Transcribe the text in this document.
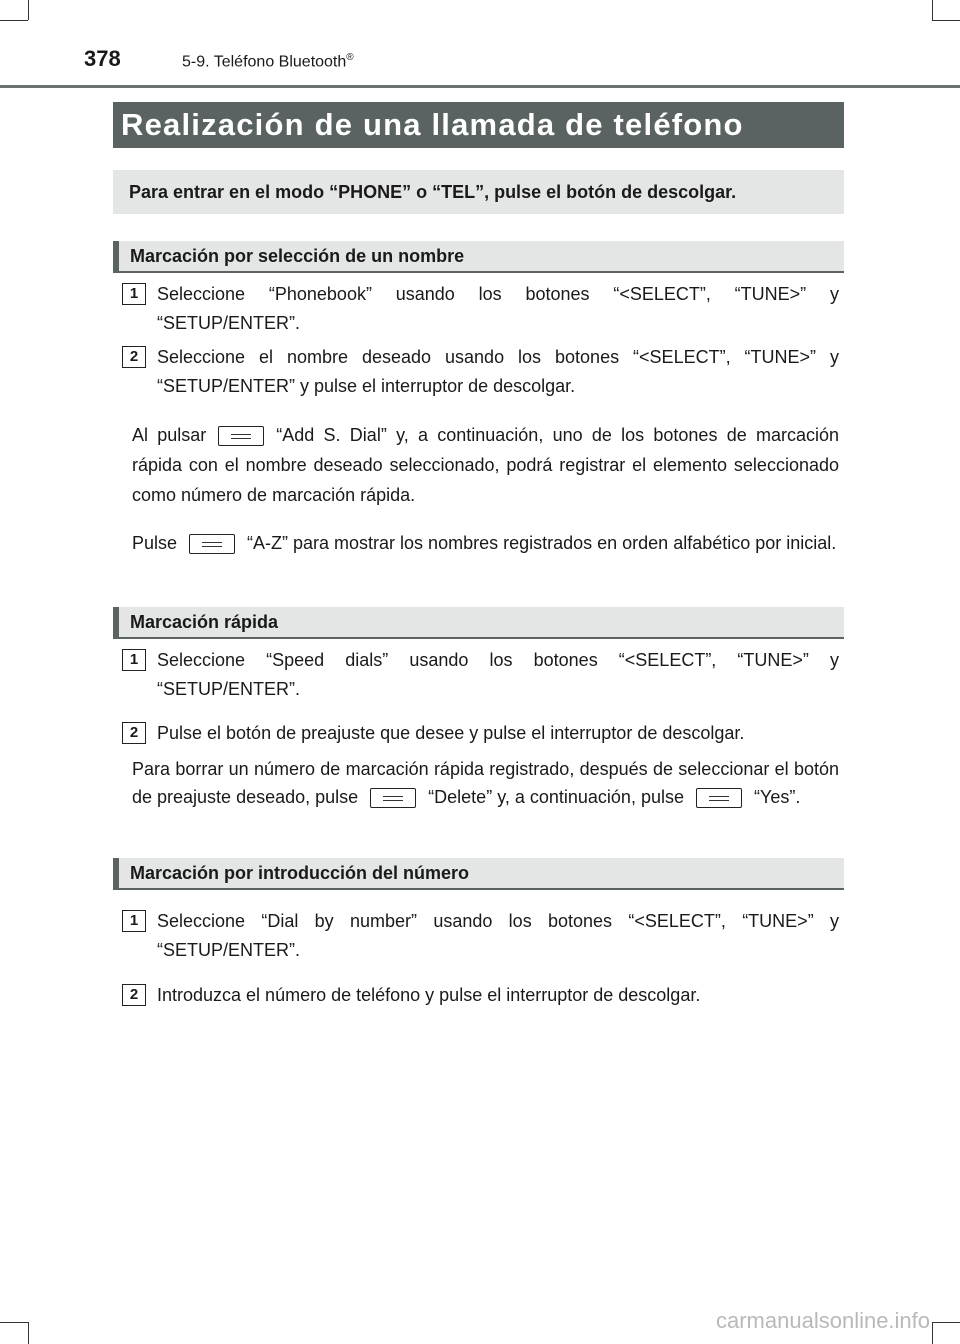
378	5-9. Teléfono Bluetooth®
Realización de una llamada de teléfono
Para entrar en el modo “PHONE” o “TEL”, pulse el botón de descolgar.
Marcación por selección de un nombre
1	Seleccione “Phonebook” usando los botones “<SELECT”, “TUNE>” y “SETUP/ENTER”.
2	Seleccione el nombre deseado usando los botones “<SELECT”, “TUNE>” y “SETUP/ENTER” y pulse el interruptor de descolgar.
Al pulsar	“Add S. Dial” y, a continuación, uno de los botones de marcación rápida con el nombre deseado seleccionado, podrá registrar el elemento seleccionado como número de marcación rápida.
Pulse	“A-Z” para mostrar los nombres registrados en orden alfabético por inicial.
Marcación rápida
1	Seleccione “Speed dials” usando los botones “<SELECT”, “TUNE>” y “SETUP/ENTER”.
2	Pulse el botón de preajuste que desee y pulse el interruptor de descolgar.
Para borrar un número de marcación rápida registrado, después de seleccionar el botón de preajuste deseado, pulse	“Delete” y, a continuación, pulse	“Yes”.
Marcación por introducción del número
1	Seleccione “Dial by number” usando los botones “<SELECT”, “TUNE>” y “SETUP/ENTER”.
2	Introduzca el número de teléfono y pulse el interruptor de descolgar.
carmanualsonline.info
